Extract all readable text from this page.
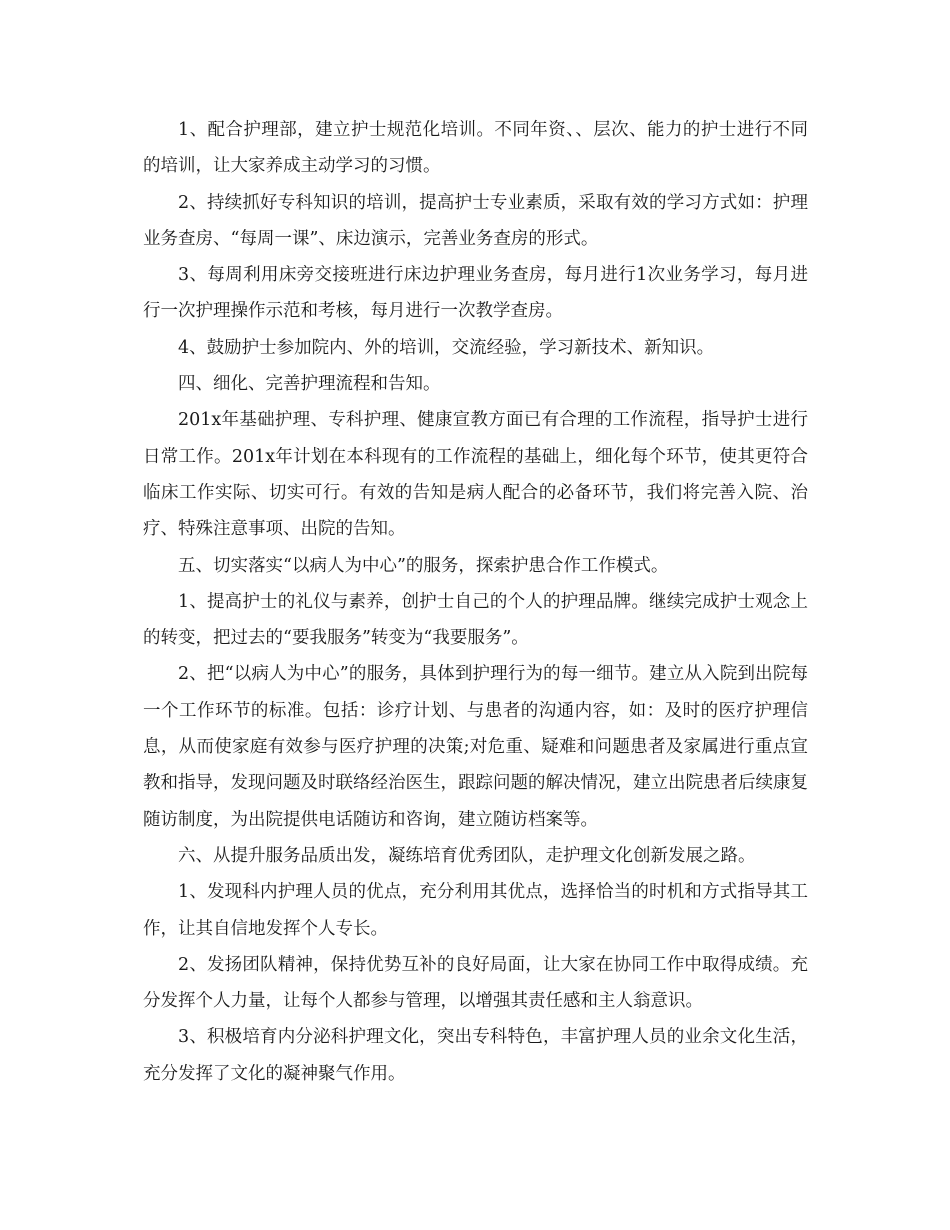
1、配合护理部，建立护士规范化培训。不同年资、、层次、能力的护士进行不同的培训，让大家养成主动学习的习惯。

2、持续抓好专科知识的培训，提高护士专业素质，采取有效的学习方式如：护理业务查房、“每周一课”、床边演示，完善业务查房的形式。

3、每周利用床旁交接班进行床边护理业务查房，每月进行1次业务学习，每月进行一次护理操作示范和考核，每月进行一次教学查房。

4、鼓励护士参加院内、外的培训，交流经验，学习新技术、新知识。

四、细化、完善护理流程和告知。

201x年基础护理、专科护理、健康宣教方面已有合理的工作流程，指导护士进行日常工作。201x年计划在本科现有的工作流程的基础上，细化每个环节，使其更符合临床工作实际、切实可行。有效的告知是病人配合的必备环节，我们将完善入院、治疗、特殊注意事项、出院的告知。

五、切实落实“以病人为中心”的服务，探索护患合作工作模式。

1、提高护士的礼仪与素养，创护士自己的个人的护理品牌。继续完成护士观念上的转变，把过去的“要我服务”转变为“我要服务”。

2、把“以病人为中心”的服务，具体到护理行为的每一细节。建立从入院到出院每一个工作环节的标准。包括：诊疗计划、与患者的沟通内容，如：及时的医疗护理信息，从而使家庭有效参与医疗护理的决策;对危重、疑难和问题患者及家属进行重点宣教和指导，发现问题及时联络经治医生，跟踪问题的解决情况，建立出院患者后续康复随访制度，为出院提供电话随访和咨询，建立随访档案等。

六、从提升服务品质出发，凝练培育优秀团队，走护理文化创新发展之路。

1、发现科内护理人员的优点，充分利用其优点，选择恰当的时机和方式指导其工作，让其自信地发挥个人专长。

2、发扬团队精神，保持优势互补的良好局面，让大家在协同工作中取得成绩。充分发挥个人力量，让每个人都参与管理，以增强其责任感和主人翁意识。

3、积极培育内分泌科护理文化，突出专科特色，丰富护理人员的业余文化生活，充分发挥了文化的凝神聚气作用。
